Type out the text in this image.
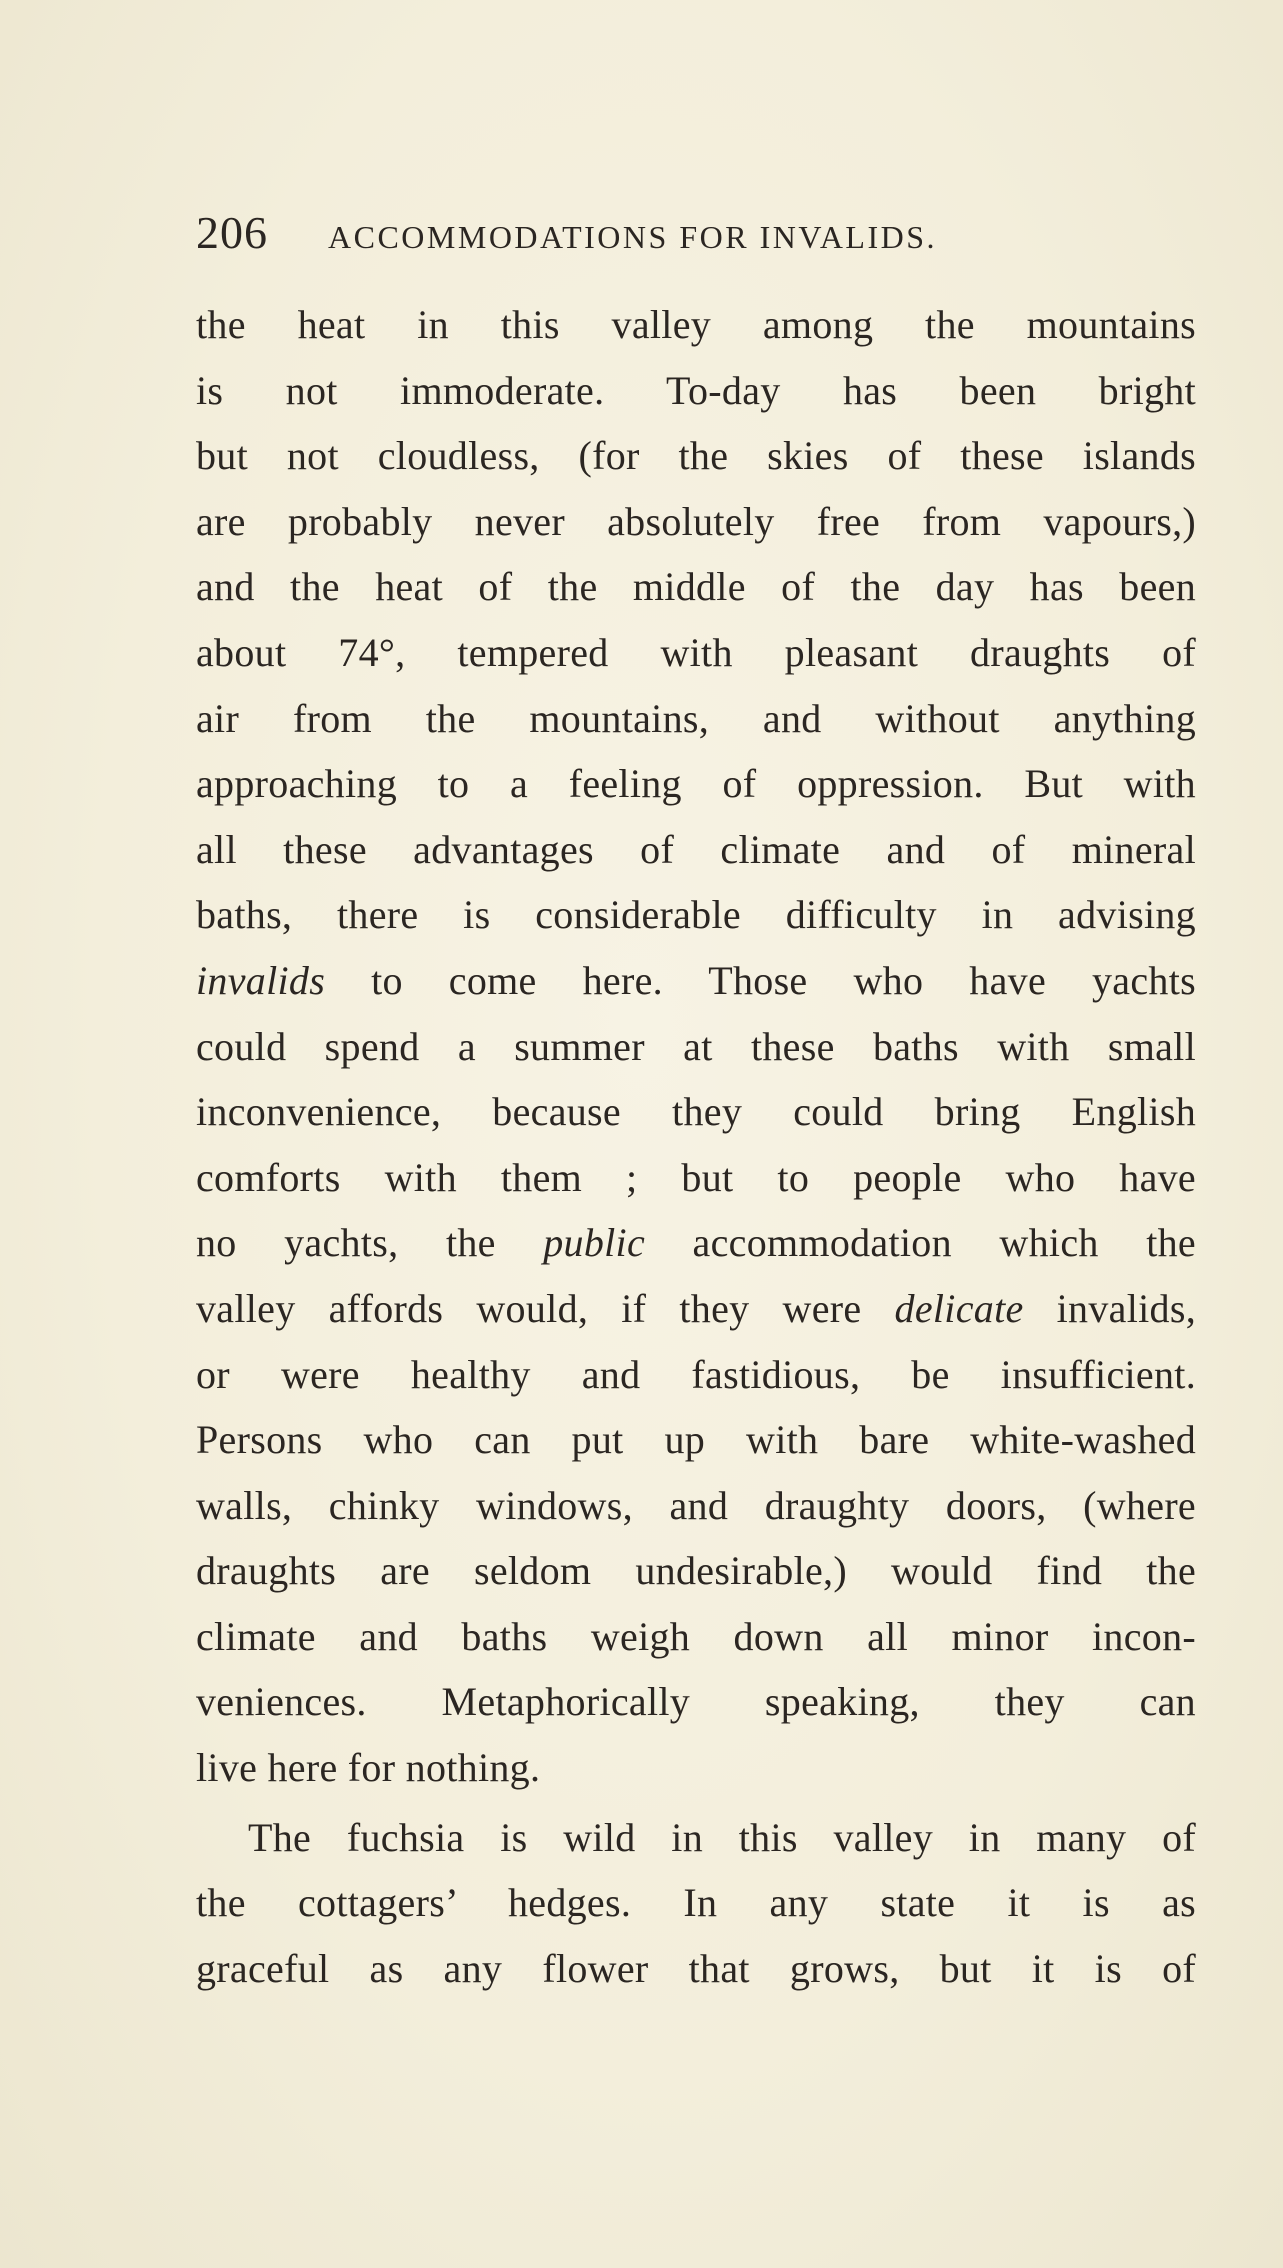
206 ACCOMMODATIONS FOR INVALIDS.
the heat in this valley among the mountains
is not immoderate. To-day has been bright
but not cloudless, (for the skies of these islands
are probably never absolutely free from vapours,)
and the heat of the middle of the day has been
about 74°, tempered with pleasant draughts of
air from the mountains, and without anything
approaching to a feeling of oppression. But with
all these advantages of climate and of mineral
baths, there is considerable difficulty in advising
invalids to come here. Those who have yachts
could spend a summer at these baths with small
inconvenience, because they could bring English
comforts with them ; but to people who have
no yachts, the public accommodation which the
valley affords would, if they were delicate invalids,
or were healthy and fastidious, be insufficient.
Persons who can put up with bare white-washed
walls, chinky windows, and draughty doors, (where
draughts are seldom undesirable,) would find the
climate and baths weigh down all minor incon-
veniences. Metaphorically speaking, they can
live here for nothing.
The fuchsia is wild in this valley in many of
the cottagers’ hedges. In any state it is as
graceful as any flower that grows, but it is of
